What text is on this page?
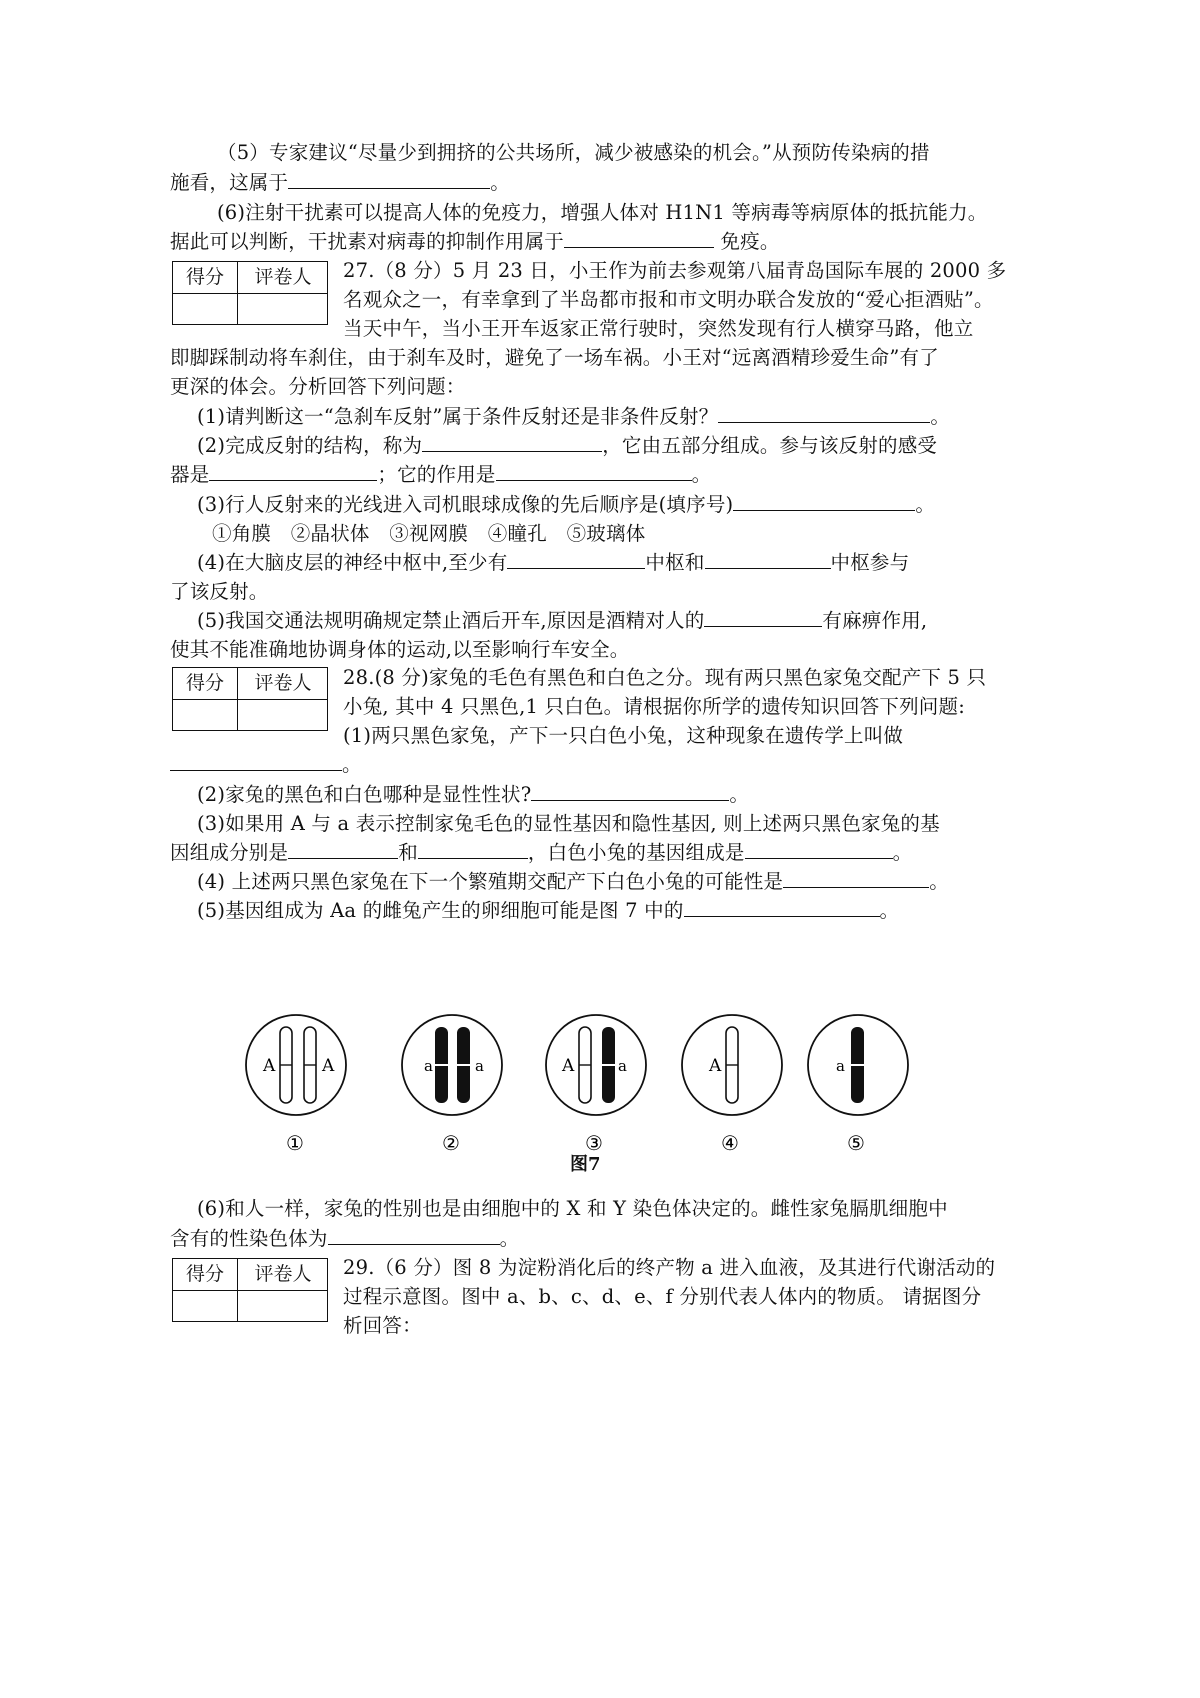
（5）专家建议“尽量少到拥挤的公共场所，减少被感染的机会。”从预防传染病的措
施看，这属于	。
(6)注射干扰素可以提高人体的免疫力，增强人体对 H1N1 等病毒等病原体的抵抗能力。
据此可以判断，干扰素对病毒的抑制作用属于	免疫。
得分	评卷人	27.（8 分）5 月 23 日，小王作为前去参观第八届青岛国际车展的 2000 多
名观众之一，有幸拿到了半岛都市报和市文明办联合发放的“爱心拒酒贴”。
当天中午，当小王开车返家正常行驶时，突然发现有行人横穿马路，他立
即脚踩制动将车刹住，由于刹车及时，避免了一场车祸。小王对“远离酒精珍爱生命”有了
更深的体会。分析回答下列问题：
(1)请判断这一“急刹车反射”属于条件反射还是非条件反射？	。
(2)完成反射的结构，称为	，它由五部分组成。参与该反射的感受
器是	；它的作用是	。
(3)行人反射来的光线进入司机眼球成像的先后顺序是(填序号)	。
①角膜　②晶状体　③视网膜　④瞳孔　⑤玻璃体
(4)在大脑皮层的神经中枢中,至少有	中枢和	中枢参与
了该反射。
(5)我国交通法规明确规定禁止酒后开车,原因是酒精对人的	有麻痹作用,
使其不能准确地协调身体的运动,以至影响行车安全。
得分	评卷人	28.(8 分)家兔的毛色有黑色和白色之分。现有两只黑色家兔交配产下 5 只
小兔, 其中 4 只黑色,1 只白色。请根据你所学的遗传知识回答下列问题:
(1)两只黑色家兔，产下一只白色小兔，这种现象在遗传学上叫做
。
(2)家兔的黑色和白色哪种是显性性状?	。
(3)如果用 A 与 a 表示控制家兔毛色的显性基因和隐性基因, 则上述两只黑色家兔的基
因组成分别是	和	，白色小兔的基因组成是	。
(4) 上述两只黑色家兔在下一个繁殖期交配产下白色小兔的可能性是	。
(5)基因组成为 Aa 的雌兔产生的卵细胞可能是图 7 中的	。
A	A	a	a	A	a	A	a
①	②	③	④	⑤
图7
(6)和人一样，家兔的性别也是由细胞中的 X 和 Y 染色体决定的。雌性家兔膈肌细胞中
含有的性染色体为	。
得分	评卷人	29.（6 分）图 8 为淀粉消化后的终产物 a 进入血液，及其进行代谢活动的
过程示意图。图中 a、b、c、d、e、f 分别代表人体内的物质。 请据图分
析回答：
